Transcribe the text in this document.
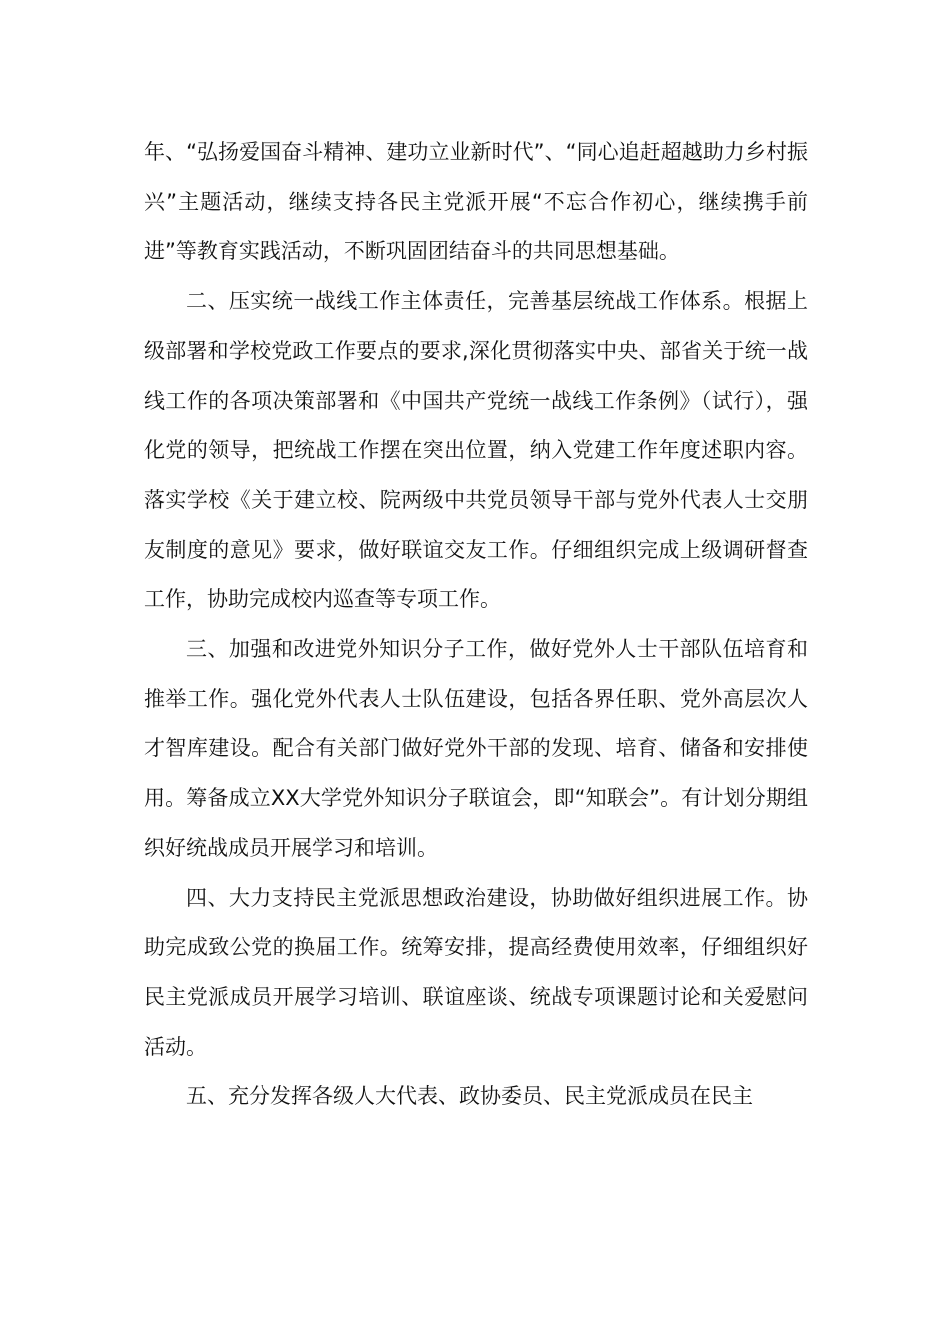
年、“弘扬爱国奋斗精神、建功立业新时代”、“同心追赶超越助力乡村振兴”主题活动，继续支持各民主党派开展“不忘合作初心，继续携手前进”等教育实践活动，不断巩固团结奋斗的共同思想基础。

二、压实统一战线工作主体责任，完善基层统战工作体系。根据上级部署和学校党政工作要点的要求,深化贯彻落实中央、部省关于统一战线工作的各项决策部署和《中国共产党统一战线工作条例》（试行），强化党的领导，把统战工作摆在突出位置，纳入党建工作年度述职内容。落实学校《关于建立校、院两级中共党员领导干部与党外代表人士交朋友制度的意见》要求，做好联谊交友工作。仔细组织完成上级调研督查工作，协助完成校内巡查等专项工作。

三、加强和改进党外知识分子工作，做好党外人士干部队伍培育和推举工作。强化党外代表人士队伍建设，包括各界任职、党外高层次人才智库建设。配合有关部门做好党外干部的发现、培育、储备和安排使用。筹备成立XX大学党外知识分子联谊会，即“知联会”。有计划分期组织好统战成员开展学习和培训。

四、大力支持民主党派思想政治建设，协助做好组织进展工作。协助完成致公党的换届工作。统筹安排，提高经费使用效率，仔细组织好民主党派成员开展学习培训、联谊座谈、统战专项课题讨论和关爱慰问活动。

五、充分发挥各级人大代表、政协委员、民主党派成员在民主
